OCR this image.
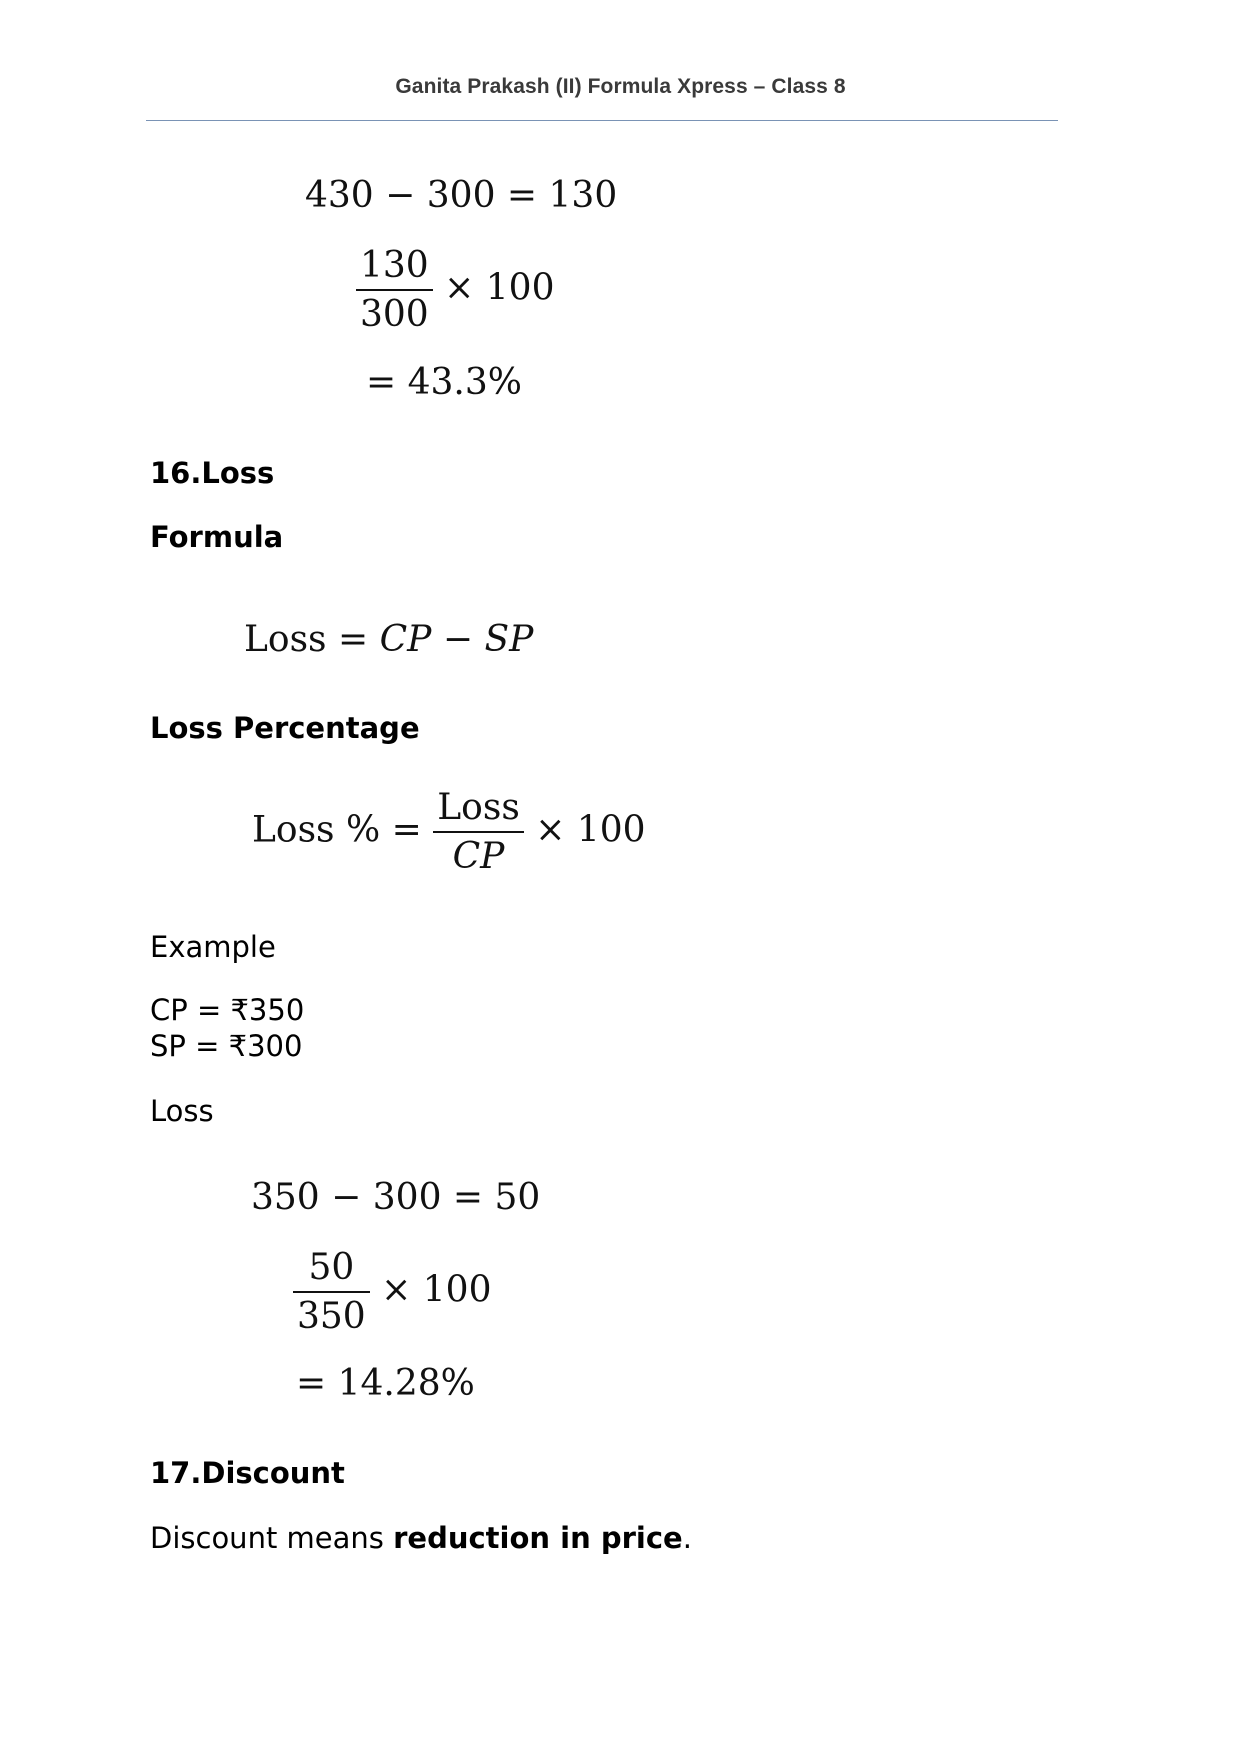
Ganita Prakash (II) Formula Xpress – Class 8
430 − 300 = 130
$\frac{130}{300} \times 100$
= 43.3%
16.Loss
Formula
Loss = CP − SP
Loss Percentage
Loss % = $\frac{\text{Loss}}{CP} \times 100$
Example
CP = ₹350
SP = ₹300
Loss
350 − 300 = 50
$\frac{50}{350} \times 100$
= 14.28%
17.Discount
Discount means reduction in price.
